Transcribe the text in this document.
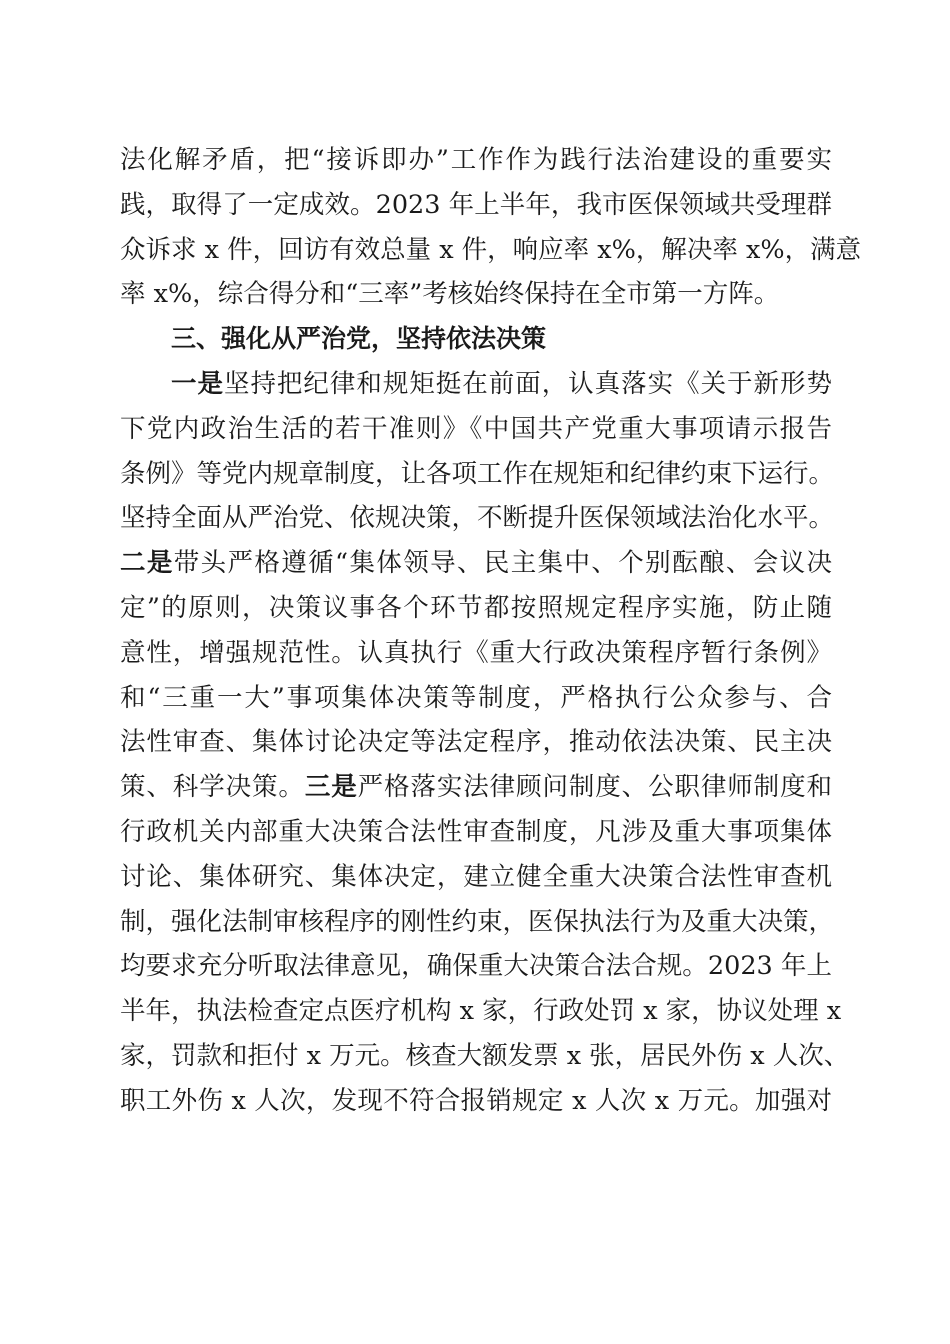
法化解矛盾，把“接诉即办”工作作为践行法治建设的重要实
践，取得了一定成效。2023 年上半年，我市医保领域共受理群
众诉求 x 件，回访有效总量 x 件，响应率 x%，解决率 x%，满意
率 x%，综合得分和“三率”考核始终保持在全市第一方阵。
三、强化从严治党，坚持依法决策
一是坚持把纪律和规矩挺在前面，认真落实《关于新形势
下党内政治生活的若干准则》《中国共产党重大事项请示报告
条例》等党内规章制度，让各项工作在规矩和纪律约束下运行。
坚持全面从严治党、依规决策，不断提升医保领域法治化水平。
二是带头严格遵循“集体领导、民主集中、个别酝酿、会议决
定”的原则，决策议事各个环节都按照规定程序实施，防止随
意性，增强规范性。认真执行《重大行政决策程序暂行条例》
和“三重一大”事项集体决策等制度，严格执行公众参与、合
法性审查、集体讨论决定等法定程序，推动依法决策、民主决
策、科学决策。三是严格落实法律顾问制度、公职律师制度和
行政机关内部重大决策合法性审查制度，凡涉及重大事项集体
讨论、集体研究、集体决定，建立健全重大决策合法性审查机
制，强化法制审核程序的刚性约束，医保执法行为及重大决策，
均要求充分听取法律意见，确保重大决策合法合规。2023 年上
半年，执法检查定点医疗机构 x 家，行政处罚 x 家，协议处理 x
家，罚款和拒付 x 万元。核查大额发票 x 张，居民外伤 x 人次、
职工外伤 x 人次，发现不符合报销规定 x 人次 x 万元。加强对
